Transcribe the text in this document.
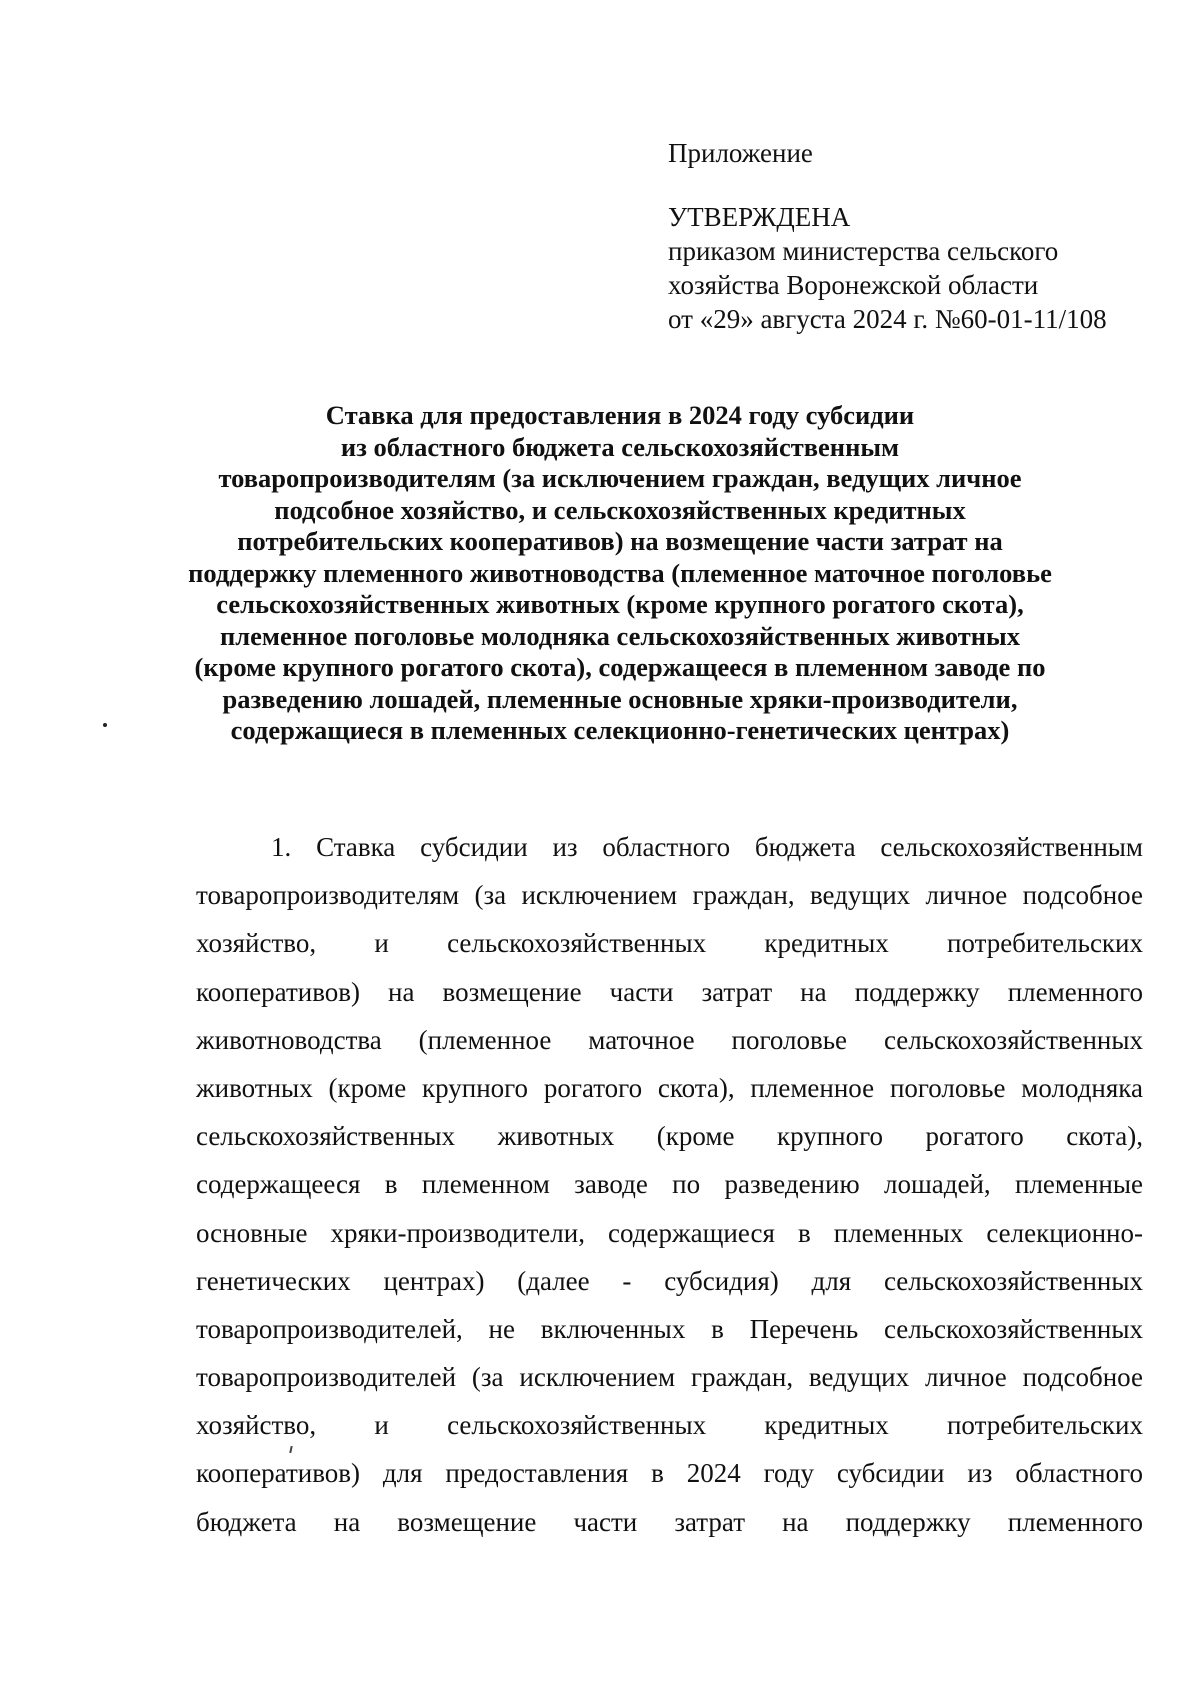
Приложение
УТВЕРЖДЕНА
приказом министерства сельского
хозяйства Воронежской области
от «29» августа 2024 г. №60-01-11/108
Ставка для предоставления в 2024 году субсидии
из областного бюджета сельскохозяйственным
товаропроизводителям (за исключением граждан, ведущих личное
подсобное хозяйство, и сельскохозяйственных кредитных
потребительских кооперативов) на возмещение части затрат на
поддержку племенного животноводства (племенное маточное поголовье
сельскохозяйственных животных (кроме крупного рогатого скота),
племенное поголовье молодняка сельскохозяйственных животных
(кроме крупного рогатого скота), содержащееся в племенном заводе по
разведению лошадей, племенные основные хряки-производители,
содержащиеся в племенных селекционно-генетических центрах)
1. Ставка субсидии из областного бюджета сельскохозяйственным
товаропроизводителям (за исключением граждан, ведущих личное подсобное
хозяйство, и сельскохозяйственных кредитных потребительских
кооперативов) на возмещение части затрат на поддержку племенного
животноводства (племенное маточное поголовье сельскохозяйственных
животных (кроме крупного рогатого скота), племенное поголовье молодняка
сельскохозяйственных животных (кроме крупного рогатого скота),
содержащееся в племенном заводе по разведению лошадей, племенные
основные хряки-производители, содержащиеся в племенных селекционно-
генетических центрах) (далее - субсидия) для сельскохозяйственных
товаропроизводителей, не включенных в Перечень сельскохозяйственных
товаропроизводителей (за исключением граждан, ведущих личное подсобное
хозяйство, и сельскохозяйственных кредитных потребительских
кооперативов) для предоставления в 2024 году субсидии из областного
бюджета на возмещение части затрат на поддержку племенного
